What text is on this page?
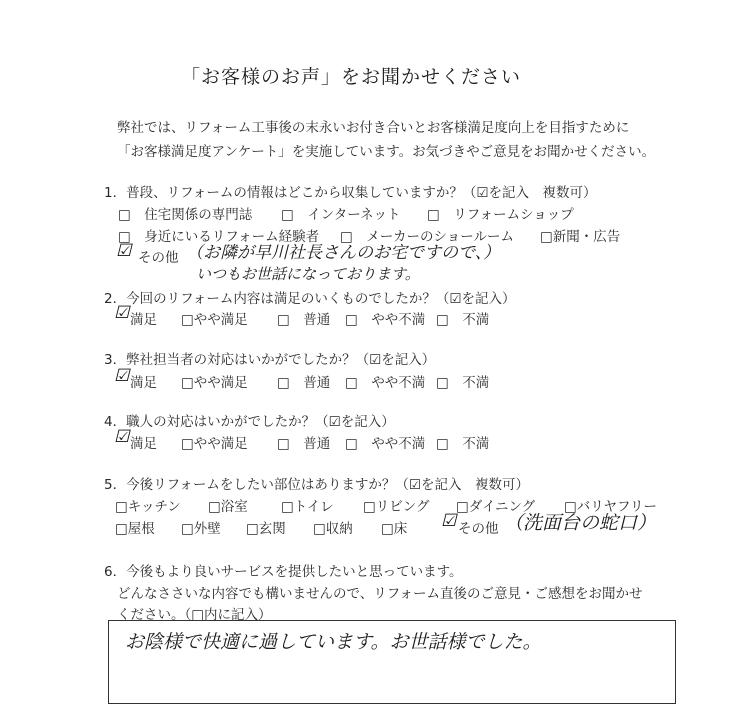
「お客様のお声」をお聞かせください
弊社では、リフォーム工事後の末永いお付き合いとお客様満足度向上を目指すために
「お客様満足度アンケート」を実施しています。お気づきやご意見をお聞かせください。
1．普段、リフォームの情報はどこから収集していますか？（☑を記入　複数可）
□　住宅関係の専門誌 □　インターネット □　リフォームショップ
□　身近にいるリフォーム経験者 □　メーカーのショールーム □新聞・広告
☑ その他 （お隣が早川社長さんのお宅ですので、）
いつもお世話になっております。
2．今回のリフォーム内容は満足のいくものでしたか？（☑を記入）
☑ 満足 □やや満足 □　普通 □　やや不満 □　不満
3．弊社担当者の対応はいかがでしたか？（☑を記入）
☑ 満足 □やや満足 □　普通 □　やや不満 □　不満
4．職人の対応はいかがでしたか？（☑を記入）
☑ 満足 □やや満足 □　普通 □　やや不満 □　不満
5．今後リフォームをしたい部位はありますか？（☑を記入　複数可）
□キッチン □浴室 □トイレ □リビング □ダイニング □バリヤフリー
□屋根 □外壁 □玄関 □収納 □床 ☑ その他 （洗面台の蛇口）
6．今後もより良いサービスを提供したいと思っています。
どんなささいな内容でも構いませんので、リフォーム直後のご意見・ご感想をお聞かせ
ください。（□内に記入）
お陰様で快適に過しています。お世話様でした。
